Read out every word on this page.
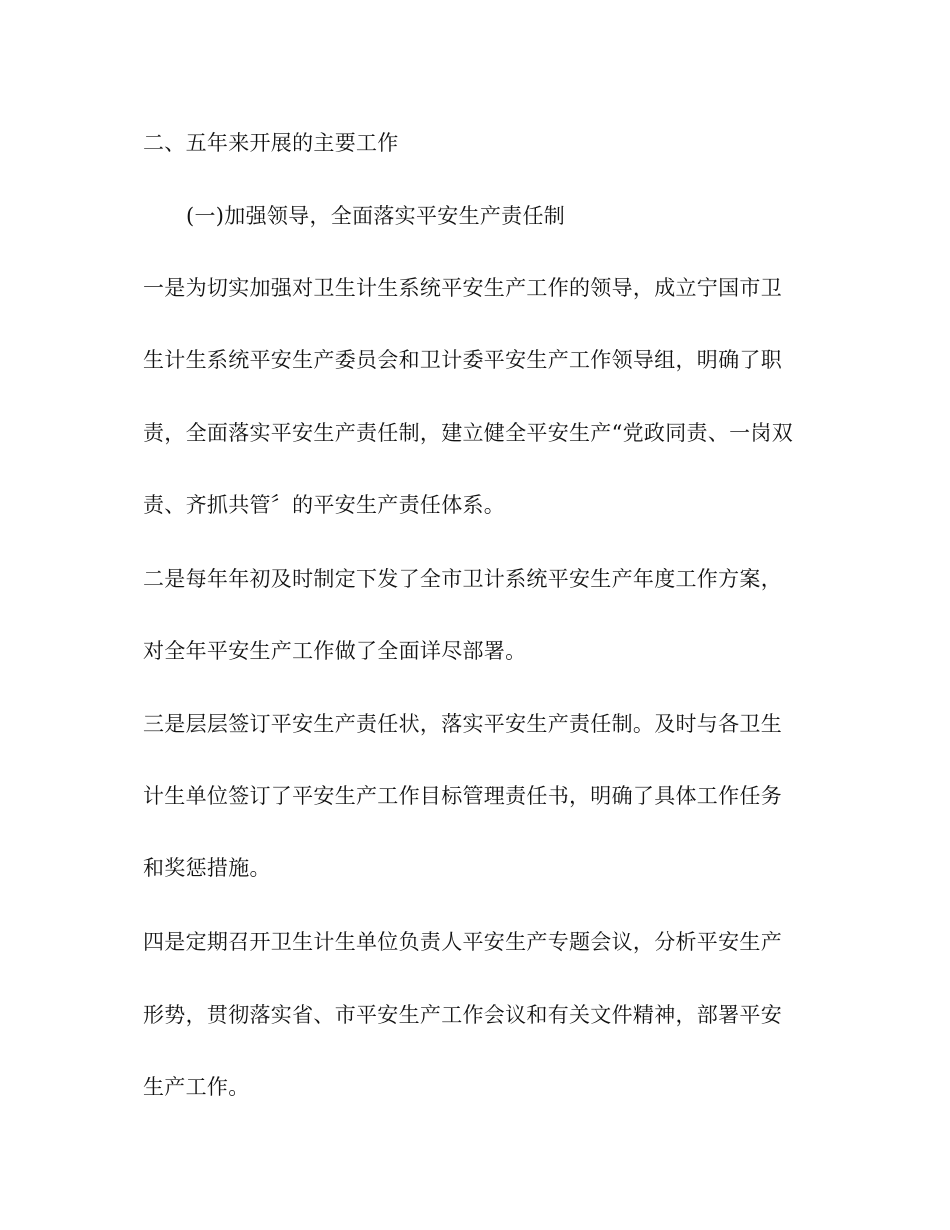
二、五年来开展的主要工作

(一)加强领导，全面落实平安生产责任制

一是为切实加强对卫生计生系统平安生产工作的领导，成立宁国市卫

生计生系统平安生产委员会和卫计委平安生产工作领导组，明确了职

责，全面落实平安生产责任制，建立健全平安生产“党政同责、一岗双

责、齐抓共管〞的平安生产责任体系。

二是每年年初及时制定下发了全市卫计系统平安生产年度工作方案，

对全年平安生产工作做了全面详尽部署。

三是层层签订平安生产责任状，落实平安生产责任制。及时与各卫生

计生单位签订了平安生产工作目标管理责任书，明确了具体工作任务

和奖惩措施。

四是定期召开卫生计生单位负责人平安生产专题会议，分析平安生产

形势，贯彻落实省、市平安生产工作会议和有关文件精神，部署平安

生产工作。
